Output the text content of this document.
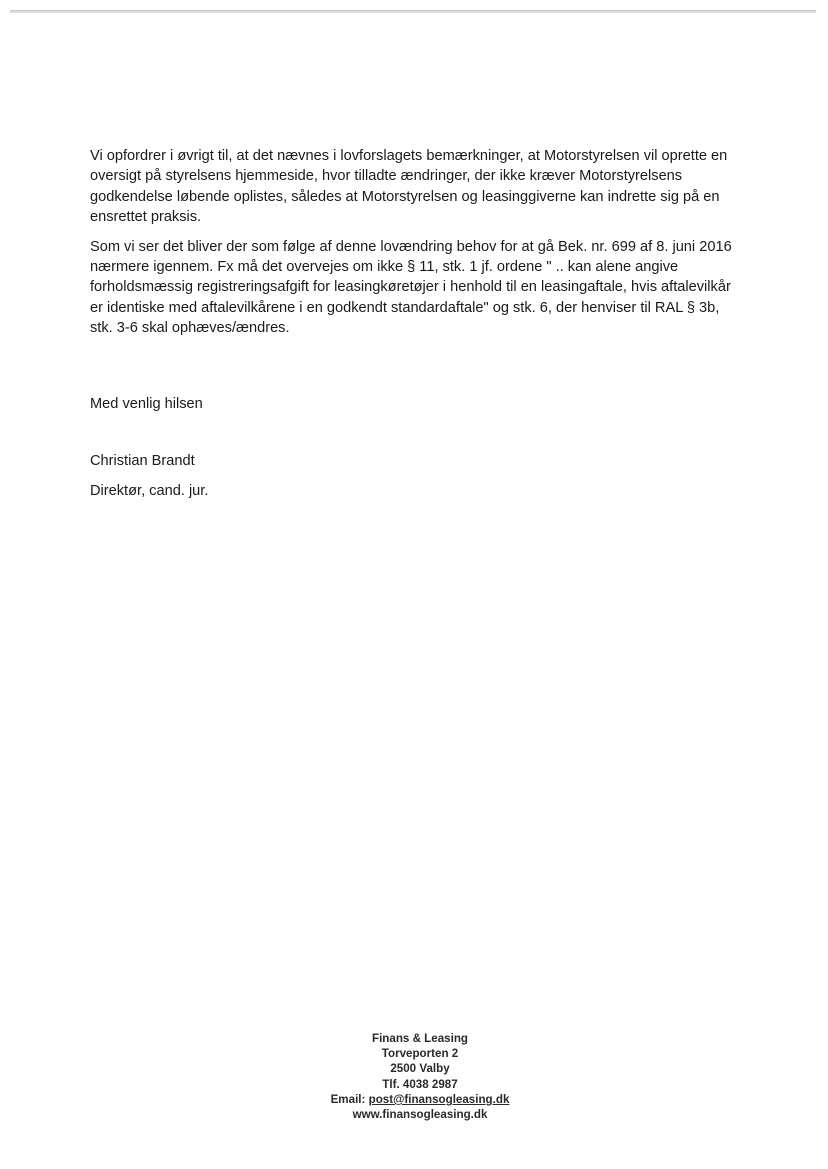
Vi opfordrer i øvrigt til, at det nævnes i lovforslagets bemærkninger, at Motorstyrelsen vil oprette en oversigt på styrelsens hjemmeside, hvor tilladte ændringer, der ikke kræver Motorstyrelsens godkendelse løbende oplistes, således at Motorstyrelsen og leasinggiverne kan indrette sig på en ensrettet praksis.

Som vi ser det bliver der som følge af denne lovændring behov for at gå Bek. nr. 699 af 8. juni 2016 nærmere igennem. Fx må det overvejes om ikke § 11, stk. 1 jf. ordene " .. kan alene angive forholdsmæssig registreringsafgift for leasingkøretøjer i henhold til en leasingaftale, hvis aftalevilkår er identiske med aftalevilkårene i en godkendt standardaftale" og stk. 6, der henviser til RAL § 3b, stk. 3-6 skal ophæves/ændres.

Med venlig hilsen
Christian Brandt
Direktør, cand. jur.
Finans & Leasing
Torveporten 2
2500 Valby
Tlf. 4038 2987
Email: post@finansogleasing.dk
www.finansogleasing.dk
